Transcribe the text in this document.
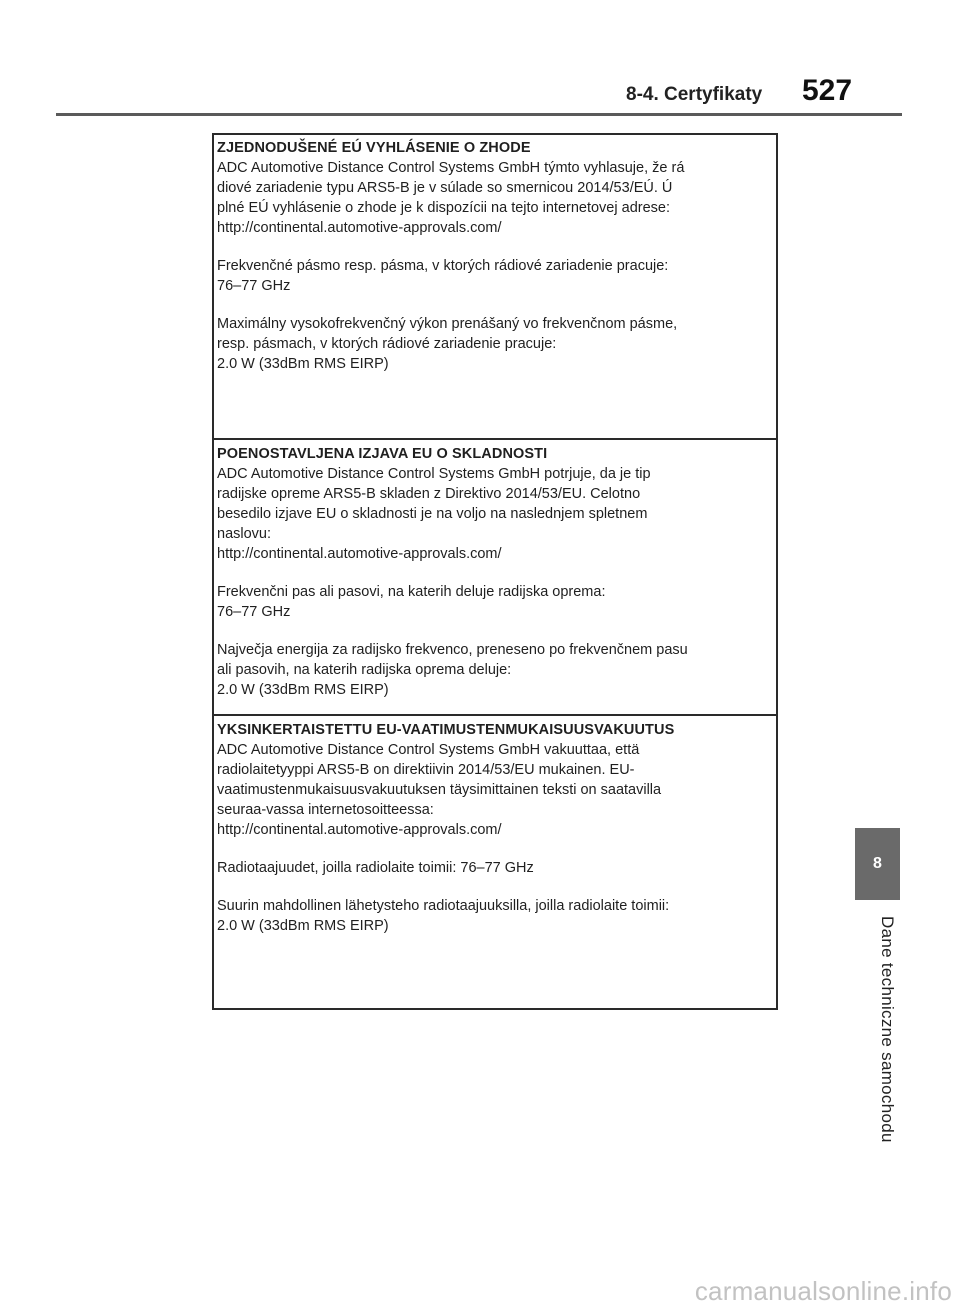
8-4. Certyfikaty 527
ZJEDNODUŠENÉ EÚ VYHLÁSENIE O ZHODE

ADC Automotive Distance Control Systems GmbH týmto vyhlasuje, že rá
diové zariadenie typu ARS5-B je v súlade so smernicou 2014/53/EÚ. Ú
plné EÚ vyhlásenie o zhode je k dispozícii na tejto internetovej adrese:
http://continental.automotive-approvals.com/

Frekvenčné pásmo resp. pásma, v ktorých rádiové zariadenie pracuje:
76–77 GHz

Maximálny vysokofrekvenčný výkon prenášaný vo frekvenčnom pásme,
resp. pásmach, v ktorých rádiové zariadenie pracuje:
2.0 W (33dBm RMS EIRP)

POENOSTAVLJENA IZJAVA EU O SKLADNOSTI

ADC Automotive Distance Control Systems GmbH potrjuje, da je tip
radijske opreme ARS5-B skladen z Direktivo 2014/53/EU. Celotno
besedilo izjave EU o skladnosti je na voljo na naslednjem spletnem
naslovu:
http://continental.automotive-approvals.com/

Frekvenčni pas ali pasovi, na katerih deluje radijska oprema:
76–77 GHz

Največja energija za radijsko frekvenco, preneseno po frekvenčnem pasu
ali pasovih, na katerih radijska oprema deluje:
2.0 W (33dBm RMS EIRP)

YKSINKERTAISTETTU EU-VAATIMUSTENMUKAISUUSVAKUUTUS

ADC Automotive Distance Control Systems GmbH vakuuttaa, että
radiolaitetyyppi ARS5-B on direktiivin 2014/53/EU mukainen. EU-
vaatimustenmukaisuusvakuutuksen täysimittainen teksti on saatavilla
seuraa-vassa internetosoitteessa:
http://continental.automotive-approvals.com/

Radiotaajuudet, joilla radiolaite toimii: 76–77 GHz

Suurin mahdollinen lähetysteho radiotaajuuksilla, joilla radiolaite toimii:
2.0 W (33dBm RMS EIRP)

8
Dane techniczne samochodu
carmanualsonline.info
